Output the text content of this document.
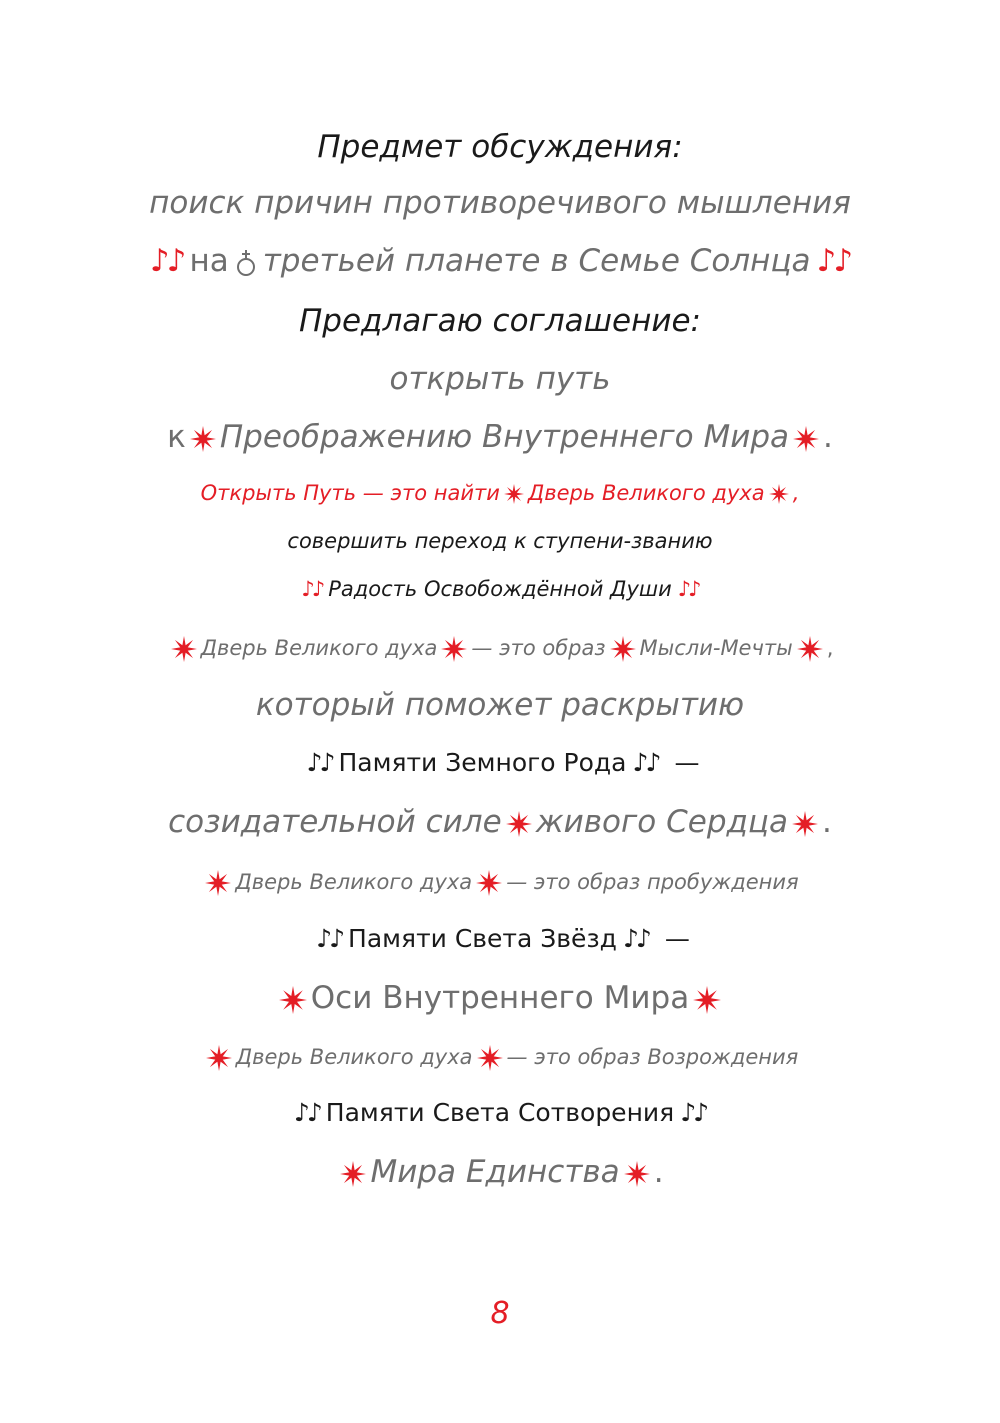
Предмет обсуждения:
поиск причин противоречивого мышления
♪♪ на третьей планете в Семье Солнца ♪♪
Предлагаю соглашение:
открыть путь
к Преображению Внутреннего Мира .
Открыть Путь — это найти Дверь Великого духа ,
совершить переход к ступени-званию
♪♪ Радость Освобождённой Души ♪♪
Дверь Великого духа — это образ Мысли-Мечты ,
который поможет раскрытию
♪♪ Памяти Земного Рода ♪♪ —
созидательной силе живого Сердца .
Дверь Великого духа — это образ пробуждения
♪♪ Памяти Света Звёзд ♪♪ —
Оси Внутреннего Мира
Дверь Великого духа — это образ Возрождения
♪♪ Памяти Света Сотворения ♪♪
Мира Единства .
8
